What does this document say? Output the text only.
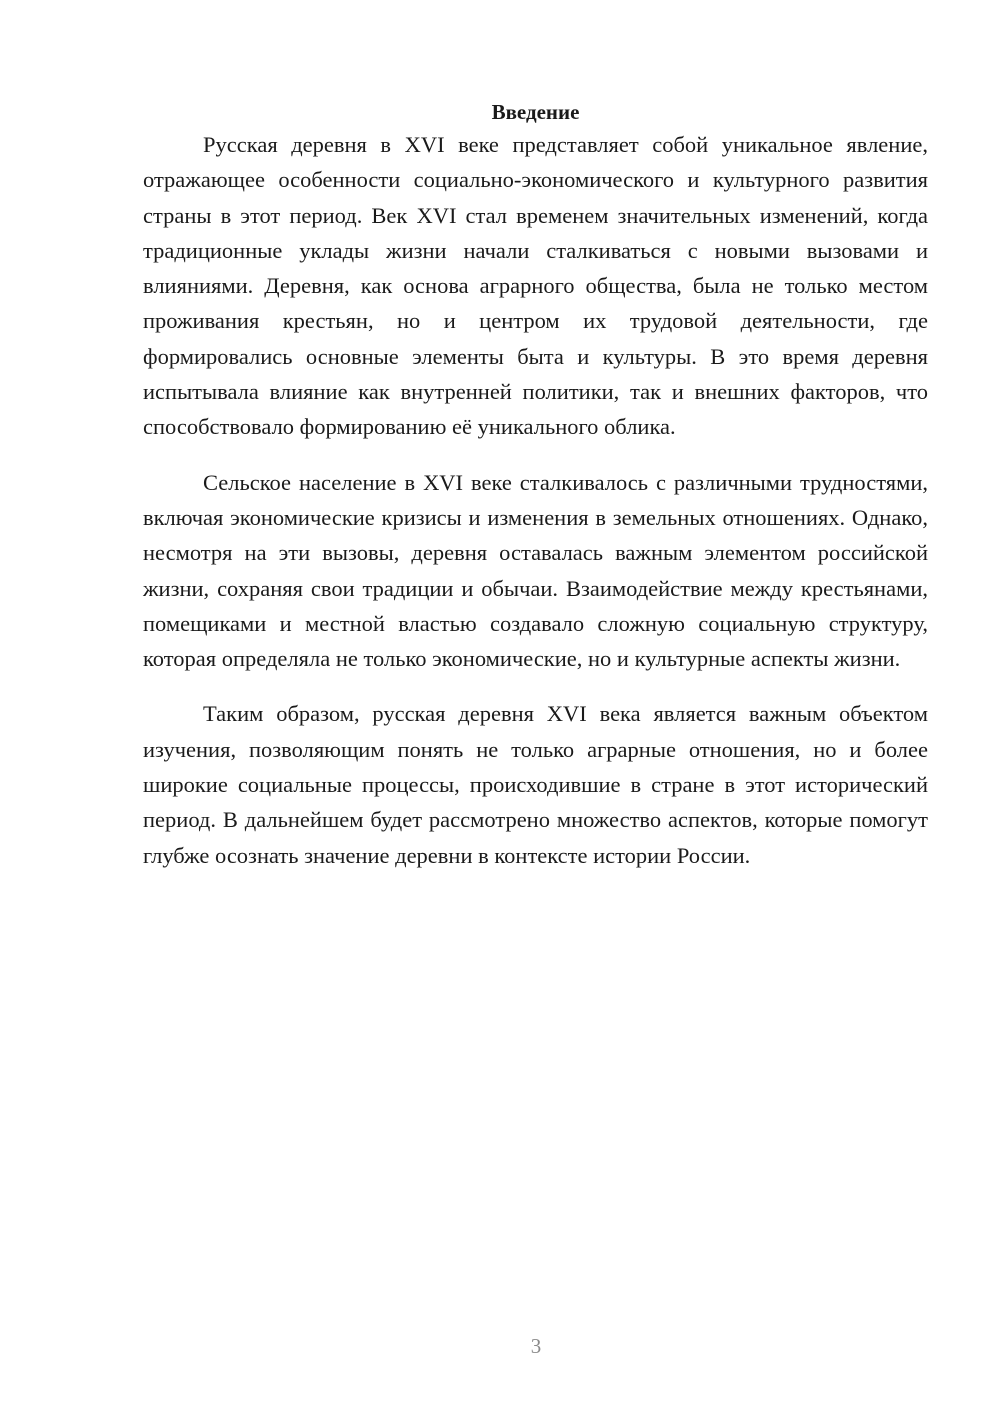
Введение

Русская деревня в XVI веке представляет собой уникальное явление, отражающее особенности социально-экономического и культурного развития страны в этот период. Век XVI стал временем значительных изменений, когда традиционные уклады жизни начали сталкиваться с новыми вызовами и влияниями. Деревня, как основа аграрного общества, была не только местом проживания крестьян, но и центром их трудовой деятельности, где формировались основные элементы быта и культуры. В это время деревня испытывала влияние как внутренней политики, так и внешних факторов, что способствовало формированию её уникального облика.

Сельское население в XVI веке сталкивалось с различными трудностями, включая экономические кризисы и изменения в земельных отношениях. Однако, несмотря на эти вызовы, деревня оставалась важным элементом российской жизни, сохраняя свои традиции и обычаи. Взаимодействие между крестьянами, помещиками и местной властью создавало сложную социальную структуру, которая определяла не только экономические, но и культурные аспекты жизни.

Таким образом, русская деревня XVI века является важным объектом изучения, позволяющим понять не только аграрные отношения, но и более широкие социальные процессы, происходившие в стране в этот исторический период. В дальнейшем будет рассмотрено множество аспектов, которые помогут глубже осознать значение деревни в контексте истории России.

3
